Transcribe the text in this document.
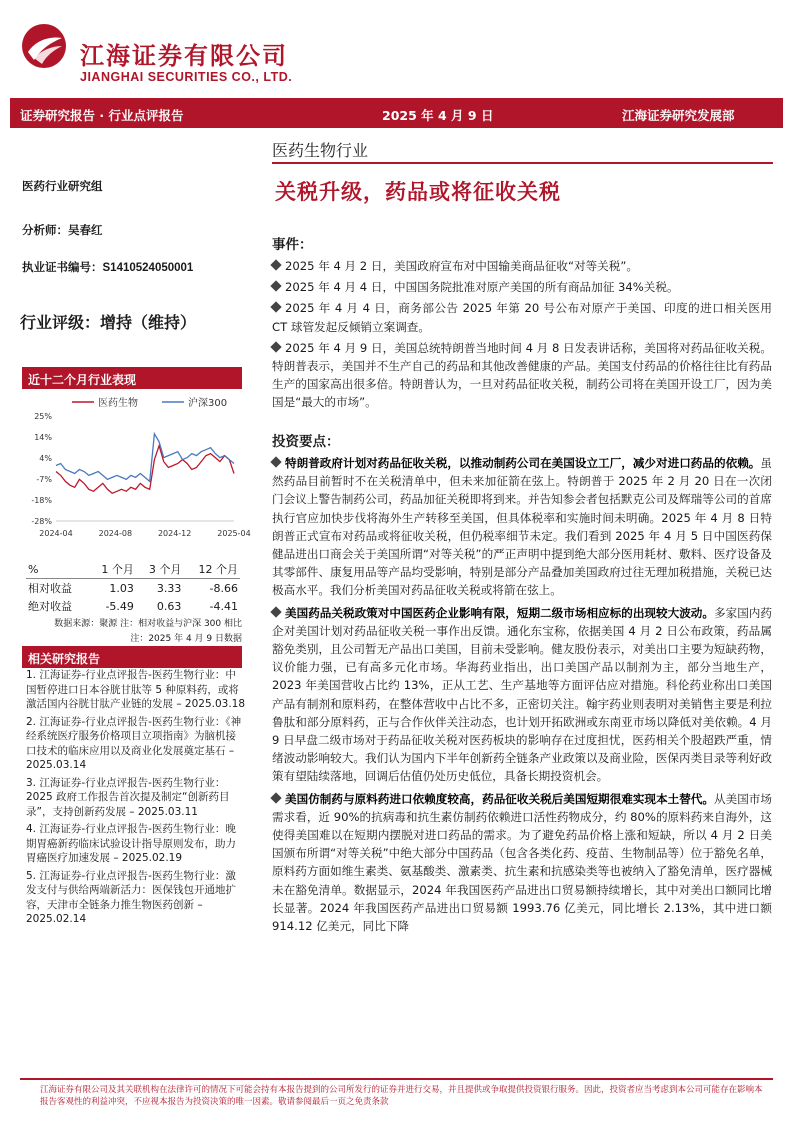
江海证券有限公司
JIANGHAI SECURITIES CO., LTD.
证券研究报告 · 行业点评报告	2025 年 4 月 9 日	江海证券研究发展部
医药生物行业
关税升级，药品或将征收关税
医药行业研究组
分析师：吴春红
执业证书编号：S1410524050001
行业评级：增持（维持）
近十二个月行业表现
医药生物	沪深300
25%
14%
4%
-7%
-18%
-28%
2024-04	2024-08	2024-12	2025-04
%	1 个月	3 个月	12 个月
相对收益	1.03	3.33	-8.66
绝对收益	-5.49	0.63	-4.41
数据来源：聚源 注：相对收益与沪深 300 相比
注：2025 年 4 月 9 日数据
相关研究报告
1. 江海证券-行业点评报告-医药生物行业：中国暂停进口日本谷胱甘肽等 5 种原料药，或将激活国内谷胱甘肽产业链的发展 – 2025.03.18
2. 江海证券-行业点评报告-医药生物行业：《神经系统医疗服务价格项目立项指南》为脑机接口技术的临床应用以及商业化发展奠定基石 – 2025.03.14
3. 江海证券-行业点评报告-医药生物行业：2025 政府工作报告首次提及制定“创新药目录”，支持创新药发展 – 2025.03.11
4. 江海证券-行业点评报告-医药生物行业：晚期胃癌新药临床试验设计指导原则发布，助力胃癌医疗加速发展 – 2025.02.19
5. 江海证券-行业点评报告-医药生物行业：激发支付与供给两端新活力：医保钱包开通地扩容，天津市全链条力推生物医药创新 – 2025.02.14
事件：
2025 年 4 月 2 日，美国政府宣布对中国输美商品征收“对等关税”。
2025 年 4 月 4 日，中国国务院批准对原产美国的所有商品加征 34%关税。
2025 年 4 月 4 日，商务部公告 2025 年第 20 号公布对原产于美国、印度的进口相关医用 CT 球管发起反倾销立案调查。
2025 年 4 月 9 日，美国总统特朗普当地时间 4 月 8 日发表讲话称，美国将对药品征收关税。特朗普表示，美国并不生产自己的药品和其他改善健康的产品。美国支付药品的价格往往比有药品生产的国家高出很多倍。特朗普认为，一旦对药品征收关税，制药公司将在美国开设工厂，因为美国是“最大的市场”。
投资要点：
特朗普政府计划对药品征收关税，以推动制药公司在美国设立工厂，减少对进口药品的依赖。虽然药品目前暂时不在关税清单中，但未来加征箭在弦上。特朗普于 2025 年 2 月 20 日在一次闭门会议上警告制药公司，药品加征关税即将到来。并告知参会者包括默克公司及辉瑞等公司的首席执行官应加快步伐将海外生产转移至美国，但具体税率和实施时间未明确。2025 年 4 月 8 日特朗普正式宣布对药品或将征收关税，但仍税率细节未定。我们看到 2025 年 4 月 5 日中国医药保健品进出口商会关于美国所谓“对等关税”的严正声明中提到绝大部分医用耗材、敷料、医疗设备及其零部件、康复用品等产品均受影响，特别是部分产品叠加美国政府过往无理加税措施，关税已达极高水平。我们分析美国对药品征收关税或将箭在弦上。
美国药品关税政策对中国医药企业影响有限，短期二级市场相应标的出现较大波动。多家国内药企对美国计划对药品征收关税一事作出反馈。通化东宝称，依据美国 4 月 2 日公布政策，药品属豁免类别，且公司暂无产品出口美国，目前未受影响。健友股份表示，对美出口主要为短缺药物，议价能力强，已有高多元化市场。华海药业指出，出口美国产品以制剂为主，部分当地生产，2023 年美国营收占比约 13%，正从工艺、生产基地等方面评估应对措施。科伦药业称出口美国产品有制剂和原料药，在整体营收中占比不多，正密切关注。翰宇药业则表明对美销售主要是利拉鲁肽和部分原料药，正与合作伙伴关注动态，也计划开拓欧洲或东南亚市场以降低对美依赖。4 月 9 日早盘二级市场对于药品征收关税对医药板块的影响存在过度担忧，医药相关个股超跌严重，情绪波动影响较大。我们认为国内下半年创新药全链条产业政策以及商业险，医保丙类目录等利好政策有望陆续落地，回调后估值仍处历史低位，具备长期投资机会。
美国仿制药与原料药进口依赖度较高，药品征收关税后美国短期很难实现本土替代。从美国市场需求看，近 90%的抗病毒和抗生素仿制药依赖进口活性药物成分，约 80%的原料药来自海外，这使得美国难以在短期内摆脱对进口药品的需求。为了避免药品价格上涨和短缺，所以 4 月 2 日美国颁布所谓“对等关税”中绝大部分中国药品（包含各类化药、疫苗、生物制品等）位于豁免名单，原料药方面如维生素类、氨基酸类、激素类、抗生素和抗感染类等也被纳入了豁免清单，医疗器械未在豁免清单。数据显示，2024 年我国医药产品进出口贸易额持续增长，其中对美出口额同比增长显著。2024 年我国医药产品进出口贸易额 1993.76 亿美元，同比增长 2.13%，其中进口额 914.12 亿美元，同比下降
江海证券有限公司及其关联机构在法律许可的情况下可能会持有本报告提到的公司所发行的证券并进行交易，并且提供或争取提供投资银行服务。因此，投资者应当考虑到本公司可能存在影响本报告客观性的利益冲突，不应视本报告为投资决策的唯一因素。敬请参阅最后一页之免责条款
